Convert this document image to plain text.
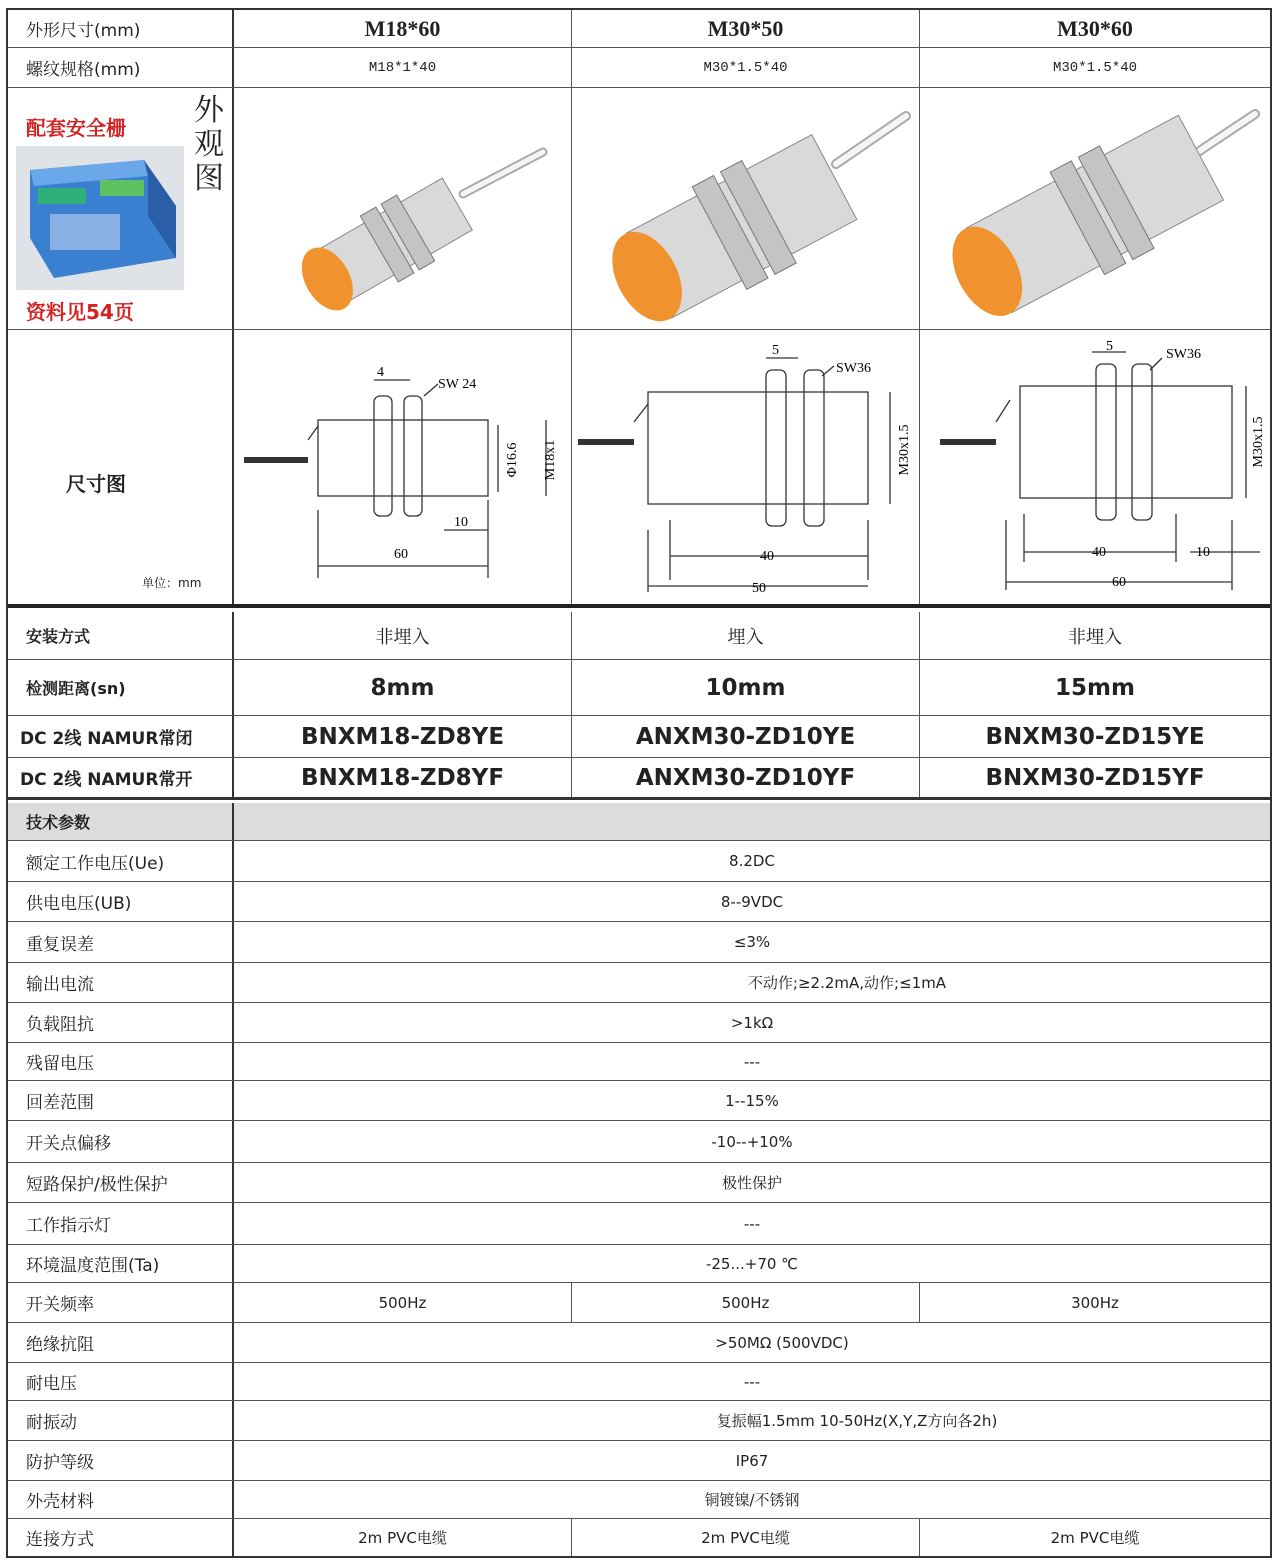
外形尺寸(mm)	M18*60	M30*50	M30*60
螺纹规格(mm)	M18*1*40	M30*1.5*40	M30*1.5*40
配套安全栅
外观图
资料见54页
尺寸图
单位：mm
4
SW 24
Φ16.6 M18x1
10
60
5
SW36
M30x1.5
40
50
5
SW36
M30x1.5
40	10
60
安装方式	非埋入	埋入	非埋入
检测距离(sn)	8mm	10mm	15mm
DC 2线 NAMUR常闭	BNXM18-ZD8YE	ANXM30-ZD10YE	BNXM30-ZD15YE
DC 2线 NAMUR常开	BNXM18-ZD8YF	ANXM30-ZD10YF	BNXM30-ZD15YF
技术参数
额定工作电压(Ue)	8.2DC
供电电压(UB)	8--9VDC
重复误差	≤3%
输出电流	不动作;≥2.2mA,动作;≤1mA
负载阻抗	>1kΩ
残留电压	---
回差范围	1--15%
开关点偏移	-10--+10%
短路保护/极性保护	极性保护
工作指示灯	---
环境温度范围(Ta)	-25...+70 ℃
开关频率	500Hz	500Hz	300Hz
绝缘抗阻	>50MΩ (500VDC)
耐电压	---
耐振动	复振幅1.5mm 10-50Hz(X,Y,Z方向各2h)
防护等级	IP67
外壳材料	铜镀镍/不锈钢
连接方式	2m PVC电缆	2m PVC电缆	2m PVC电缆
